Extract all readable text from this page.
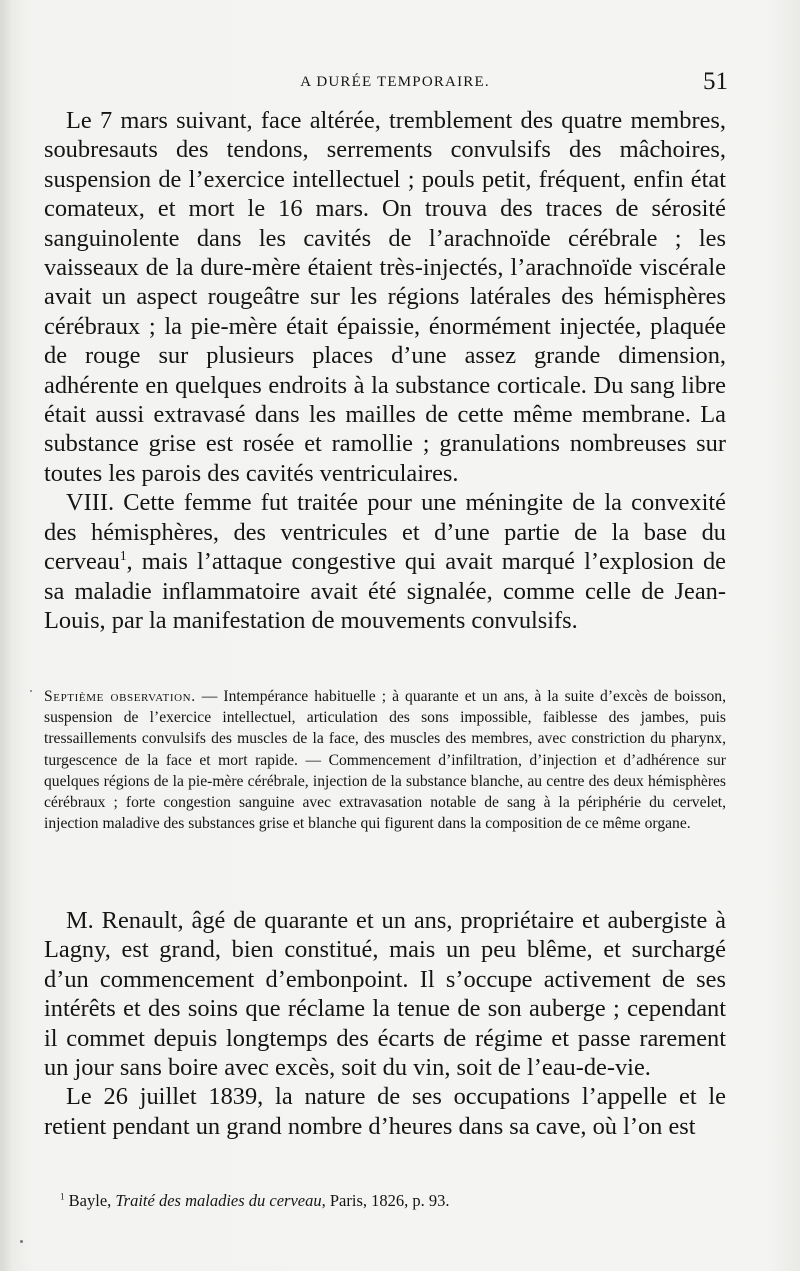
A DURÉE TEMPORAIRE.	51

Le 7 mars suivant, face altérée, tremblement des quatre membres, soubresauts des tendons, serrements convulsifs des mâchoires, suspension de l’exercice intellectuel ; pouls petit, fréquent, enfin état comateux, et mort le 16 mars. On trouva des traces de sérosité sanguinolente dans les cavités de l’arachnoïde cérébrale ; les vaisseaux de la dure-mère étaient très-injectés, l’arachnoïde viscérale avait un aspect rougeâtre sur les régions latérales des hémisphères cérébraux ; la pie-mère était épaissie, énormément injectée, plaquée de rouge sur plusieurs places d’une assez grande dimension, adhérente en quelques endroits à la substance corticale. Du sang libre était aussi extravasé dans les mailles de cette même membrane. La substance grise est rosée et ramollie ; granulations nombreuses sur toutes les parois des cavités ventriculaires.

VIII. Cette femme fut traitée pour une méningite de la convexité des hémisphères, des ventricules et d’une partie de la base du cerveau$^1$, mais l’attaque congestive qui avait marqué l’explosion de sa maladie inflammatoire avait été signalée, comme celle de Jean-Louis, par la manifestation de mouvements convulsifs.

Septième observation. — Intempérance habituelle ; à quarante et un ans, à la suite d’excès de boisson, suspension de l’exercice intellectuel, articulation des sons impossible, faiblesse des jambes, puis tressaillements convulsifs des muscles de la face, des muscles des membres, avec constriction du pharynx, turgescence de la face et mort rapide. — Commencement d’infiltration, d’injection et d’adhérence sur quelques régions de la pie-mère cérébrale, injection de la substance blanche, au centre des deux hémisphères cérébraux ; forte congestion sanguine avec extravasation notable de sang à la périphérie du cervelet, injection maladive des substances grise et blanche qui figurent dans la composition de ce même organe.

M. Renault, âgé de quarante et un ans, propriétaire et aubergiste à Lagny, est grand, bien constitué, mais un peu blême, et surchargé d’un commencement d’embonpoint. Il s’occupe activement de ses intérêts et des soins que réclame la tenue de son auberge ; cependant il commet depuis longtemps des écarts de régime et passe rarement un jour sans boire avec excès, soit du vin, soit de l’eau-de-vie.

Le 26 juillet 1839, la nature de ses occupations l’appelle et le retient pendant un grand nombre d’heures dans sa cave, où l’on est

$^1$ Bayle, Traité des maladies du cerveau, Paris, 1826, p. 93.
